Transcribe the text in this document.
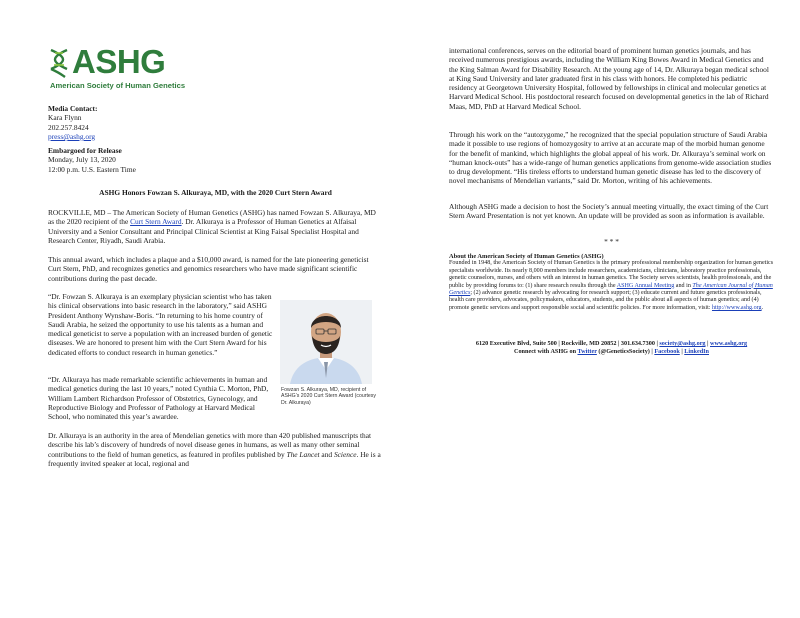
ASHG
American Society of Human Genetics
Media Contact:
Kara Flynn
202.257.8424
press@ashg.org
Embargoed for Release
Monday, July 13, 2020
12:00 p.m. U.S. Eastern Time
ASHG Honors Fowzan S. Alkuraya, MD, with the 2020 Curt Stern Award

ROCKVILLE, MD – The American Society of Human Genetics (ASHG) has named Fowzan S. Alkuraya, MD as the 2020 recipient of the Curt Stern Award. Dr. Alkuraya is a Professor of Human Genetics at Alfaisal University and a Senior Consultant and Principal Clinical Scientist at King Faisal Specialist Hospital and Research Center, Riyadh, Saudi Arabia.

This annual award, which includes a plaque and a $10,000 award, is named for the late pioneering geneticist Curt Stern, PhD, and recognizes genetics and genomics researchers who have made significant scientific contributions during the past decade.

“Dr. Fowzan S. Alkuraya is an exemplary physician scientist who has taken his clinical observations into basic research in the laboratory,” said ASHG President Anthony Wynshaw-Boris. “In returning to his home country of Saudi Arabia, he seized the opportunity to use his talents as a human and medical geneticist to serve a population with an increased burden of genetic diseases. We are honored to present him with the Curt Stern Award for his dedicated efforts to conduct research in human genetics.”

Fowzan S. Alkuraya, MD, recipient of ASHG’s 2020 Curt Stern Award (courtesy Dr. Alkuraya)

“Dr. Alkuraya has made remarkable scientific achievements in human and medical genetics during the last 10 years,” noted Cynthia C. Morton, PhD, William Lambert Richardson Professor of Obstetrics, Gynecology, and Reproductive Biology and Professor of Pathology at Harvard Medical School, who nominated this year’s awardee.

Dr. Alkuraya is an authority in the area of Mendelian genetics with more than 420 published manuscripts that describe his lab’s discovery of hundreds of novel disease genes in humans, as well as many other seminal contributions to the field of human genetics, as featured in profiles published by The Lancet and Science. He is a frequently invited speaker at local, regional and

international conferences, serves on the editorial board of prominent human genetics journals, and has received numerous prestigious awards, including the William King Bowes Award in Medical Genetics and the King Salman Award for Disability Research. At the young age of 14, Dr. Alkuraya began medical school at King Saud University and later graduated first in his class with honors. He completed his pediatric residency at Georgetown University Hospital, followed by fellowships in clinical and molecular genetics at Harvard Medical School. His postdoctoral research focused on developmental genetics in the lab of Richard Maas, MD, PhD at Harvard Medical School.

Through his work on the “autozygome,” he recognized that the special population structure of Saudi Arabia made it possible to use regions of homozygosity to arrive at an accurate map of the morbid human genome for the benefit of mankind, which highlights the global appeal of his work. Dr. Alkuraya’s seminal work on “human knock-outs” has a wide-range of human genetics applications from genome-wide association studies to drug development. “His tireless efforts to understand human genetic disease has led to the discovery of novel mechanisms of Mendelian variants,” said Dr. Morton, writing of his achievements.

Although ASHG made a decision to host the Society’s annual meeting virtually, the exact timing of the Curt Stern Award Presentation is not yet known. An update will be provided as soon as information is available.

* * *
About the American Society of Human Genetics (ASHG)

Founded in 1948, the American Society of Human Genetics is the primary professional membership organization for human genetics specialists worldwide. Its nearly 8,000 members include researchers, academicians, clinicians, laboratory practice professionals, genetic counselors, nurses, and others with an interest in human genetics. The Society serves scientists, health professionals, and the public by providing forums to: (1) share research results through the ASHG Annual Meeting and in The American Journal of Human Genetics; (2) advance genetic research by advocating for research support; (3) educate current and future genetics professionals, health care providers, advocates, policymakers, educators, students, and the public about all aspects of human genetics; and (4) promote genetic services and support responsible social and scientific policies. For more information, visit: http://www.ashg.org.

6120 Executive Blvd, Suite 500 | Rockville, MD 20852 | 301.634.7300 | society@ashg.org | www.ashg.org
Connect with ASHG on Twitter (@GeneticsSociety) | Facebook | LinkedIn
